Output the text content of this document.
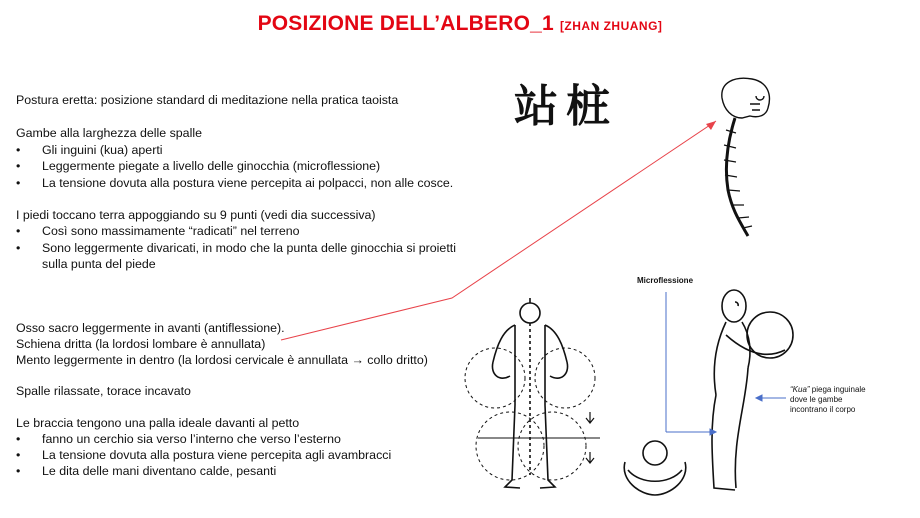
POSIZIONE DELL’ALBERO_1 [ZHAN ZHUANG]
站桩
Postura eretta: posizione standard di meditazione nella pratica taoista
Gambe alla larghezza delle spalle
• Gli inguini (kua) aperti
• Leggermente piegate a livello delle ginocchia (microflessione)
• La tensione dovuta alla postura viene percepita ai polpacci, non alle cosce.
I piedi toccano terra appoggiando su 9 punti (vedi dia successiva)
• Così sono massimamente “radicati” nel terreno
• Sono leggermente divaricati, in modo che la punta delle ginocchia si proietti
sulla punta del piede
Osso sacro leggermente in avanti (antiflessione).
Schiena dritta (la lordosi lombare è annullata)
Mento leggermente in dentro (la lordosi cervicale è annullata → collo dritto)
Spalle rilassate, torace incavato
Le braccia tengono una palla ideale davanti al petto
• fanno un cerchio sia verso l’interno che verso l’esterno
• La tensione dovuta alla postura viene percepita agli avambracci
• Le dita delle mani diventano calde, pesanti
Microflessione
“Kua” piega inguinale
dove le gambe
incontrano il corpo
